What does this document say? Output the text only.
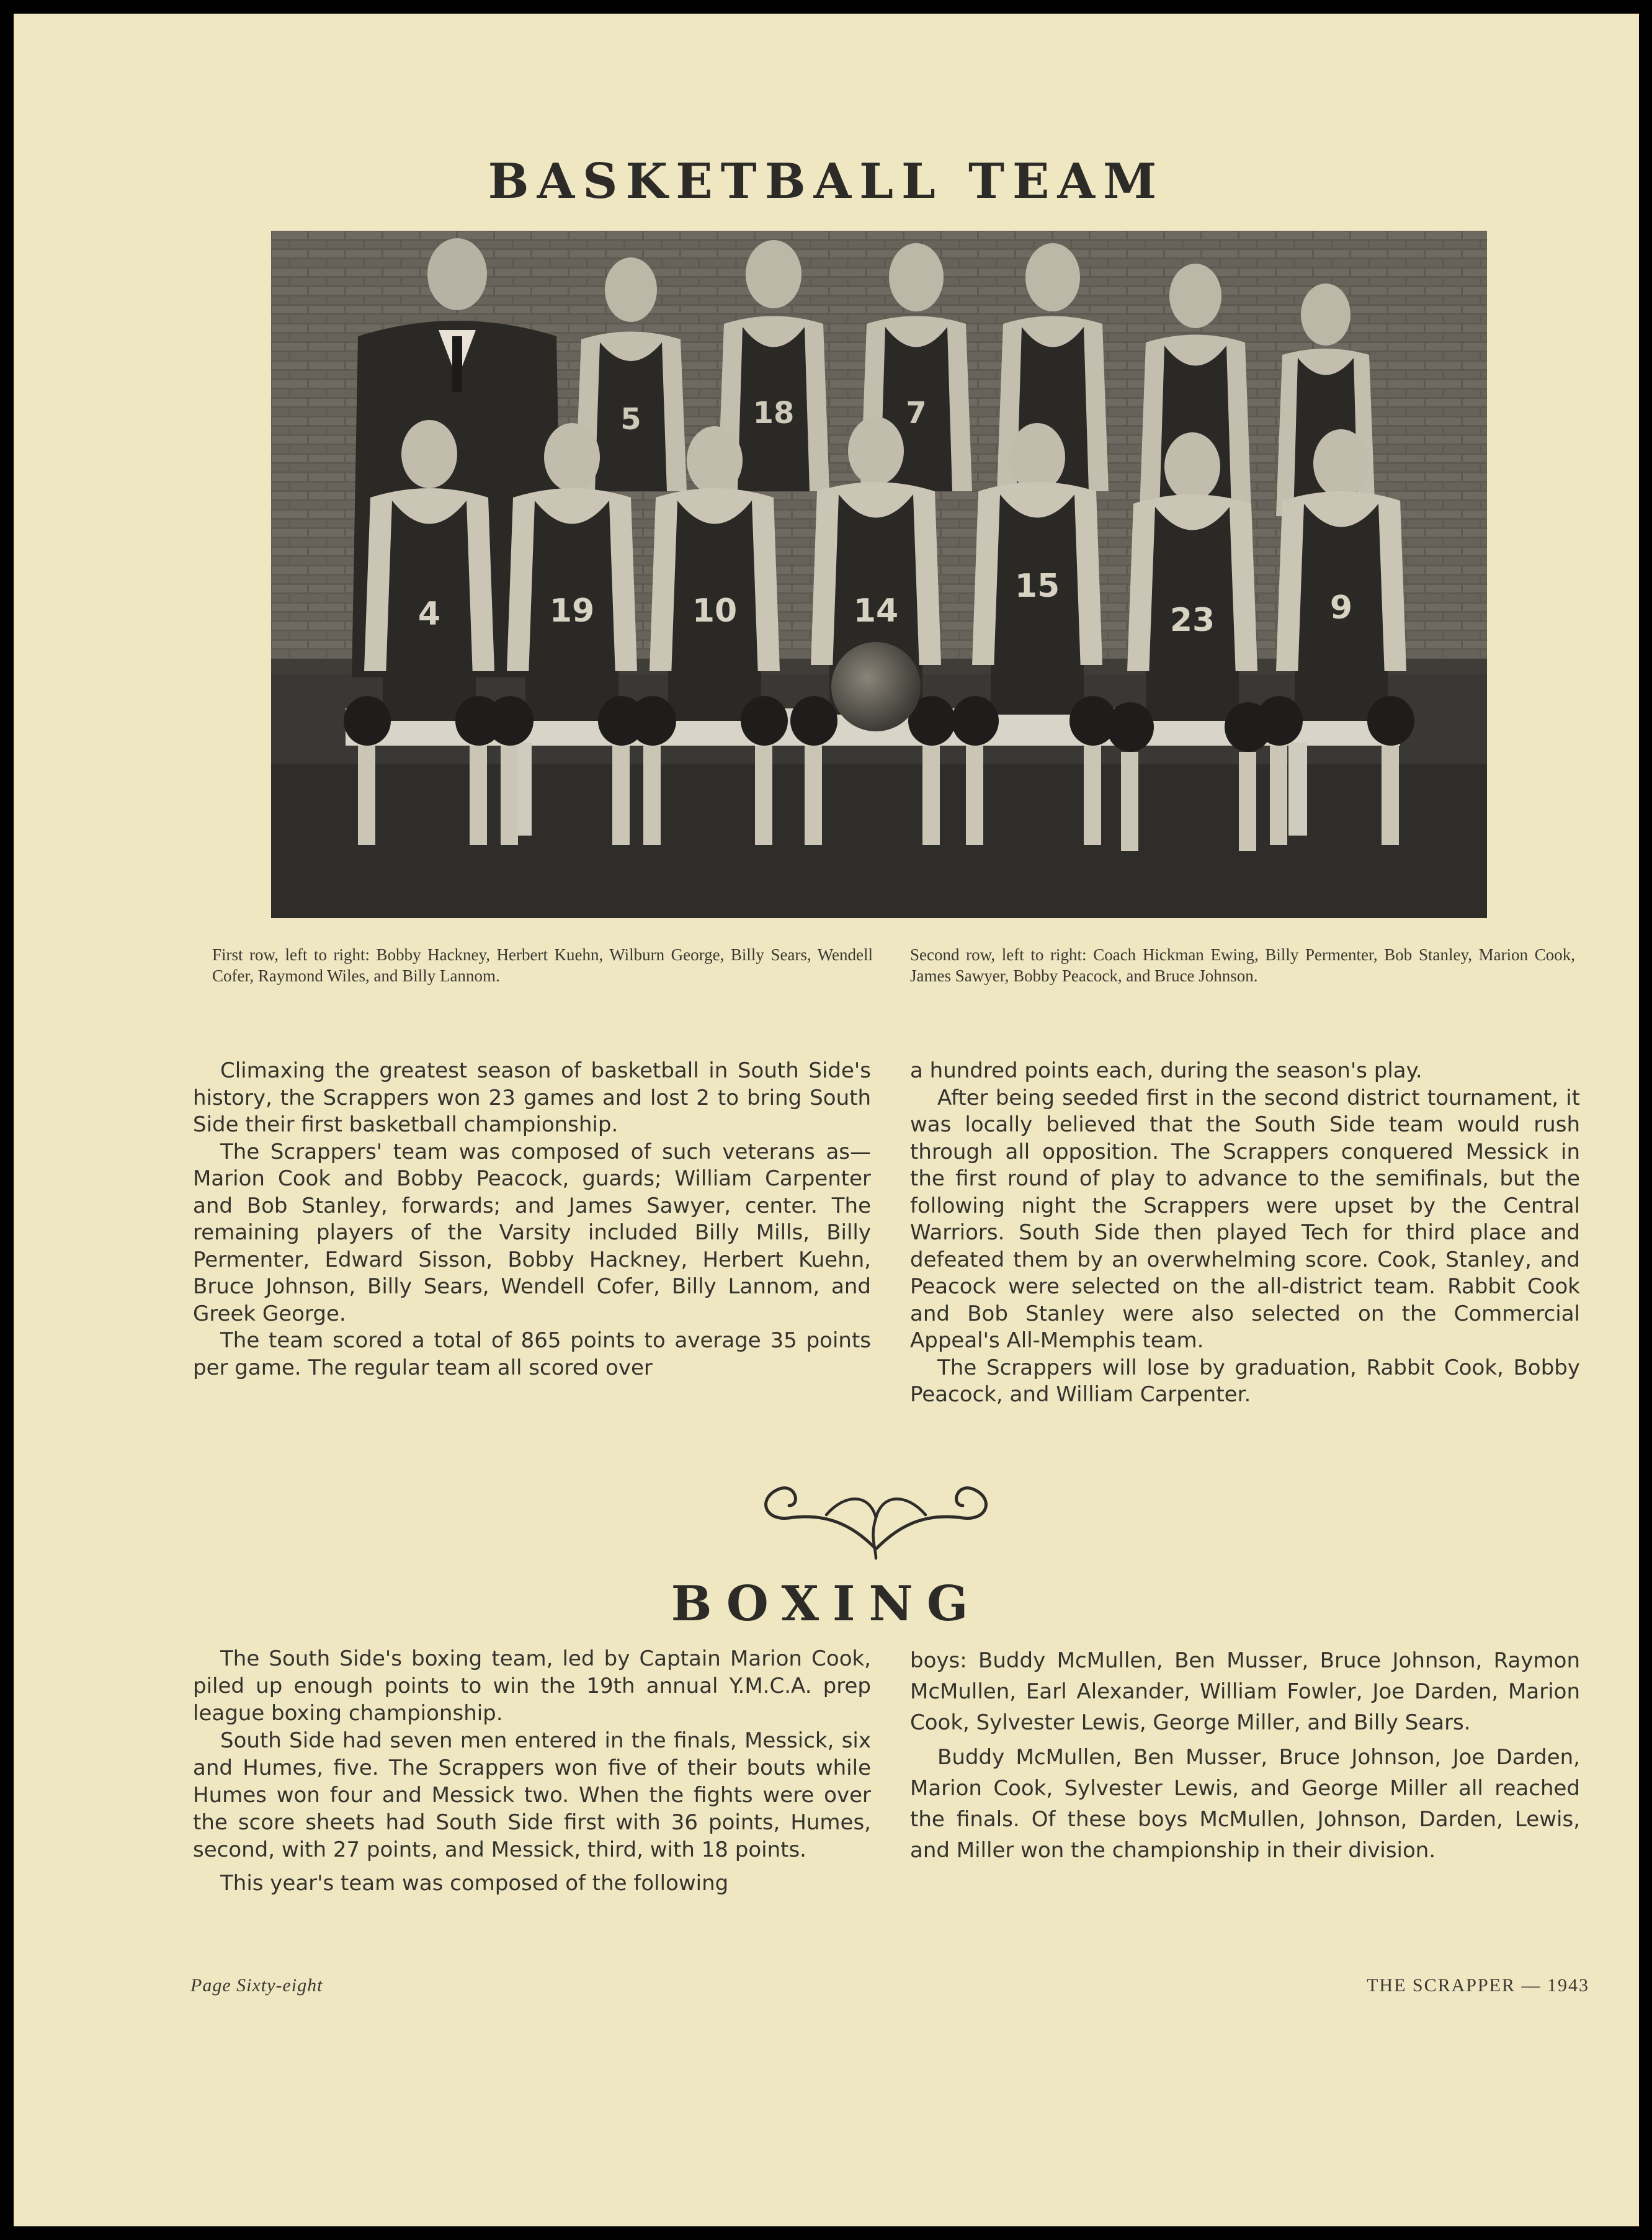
BASKETBALL TEAM
5	18	7
4	19	10	14
15
23	9

First row, left to right: Bobby Hackney, Herbert Kuehn, Wilburn George, Billy Sears, Wendell Cofer, Raymond Wiles, and Billy Lannom.

Second row, left to right: Coach Hickman Ewing, Billy Permenter, Bob Stanley, Marion Cook, James Sawyer, Bobby Peacock, and Bruce Johnson.

Climaxing the greatest season of basketball in South Side's history, the Scrappers won 23 games and lost 2 to bring South Side their first basketball championship.

The Scrappers' team was composed of such veterans as—Marion Cook and Bobby Peacock, guards; William Carpenter and Bob Stanley, forwards; and James Sawyer, center. The remaining players of the Varsity included Billy Mills, Billy Permenter, Edward Sisson, Bobby Hackney, Herbert Kuehn, Bruce Johnson, Billy Sears, Wendell Cofer, Billy Lannom, and Greek George.

The team scored a total of 865 points to average 35 points per game. The regular team all scored over

a hundred points each, during the season's play.

After being seeded first in the second district tournament, it was locally believed that the South Side team would rush through all opposition. The Scrappers conquered Messick in the first round of play to advance to the semifinals, but the following night the Scrappers were upset by the Central Warriors. South Side then played Tech for third place and defeated them by an overwhelming score. Cook, Stanley, and Peacock were selected on the all-district team. Rabbit Cook and Bob Stanley were also selected on the Commercial Appeal's All-Memphis team.

The Scrappers will lose by graduation, Rabbit Cook, Bobby Peacock, and William Carpenter.

BOXING

The South Side's boxing team, led by Captain Marion Cook, piled up enough points to win the 19th annual Y.M.C.A. prep league boxing championship.

South Side had seven men entered in the finals, Messick, six and Humes, five. The Scrappers won five of their bouts while Humes won four and Messick two. When the fights were over the score sheets had South Side first with 36 points, Humes, second, with 27 points, and Messick, third, with 18 points.

This year's team was composed of the following

boys: Buddy McMullen, Ben Musser, Bruce Johnson, Raymon McMullen, Earl Alexander, William Fowler, Joe Darden, Marion Cook, Sylvester Lewis, George Miller, and Billy Sears.

Buddy McMullen, Ben Musser, Bruce Johnson, Joe Darden, Marion Cook, Sylvester Lewis, and George Miller all reached the finals. Of these boys McMullen, Johnson, Darden, Lewis, and Miller won the championship in their division.

Page Sixty-eight	THE SCRAPPER — 1943
